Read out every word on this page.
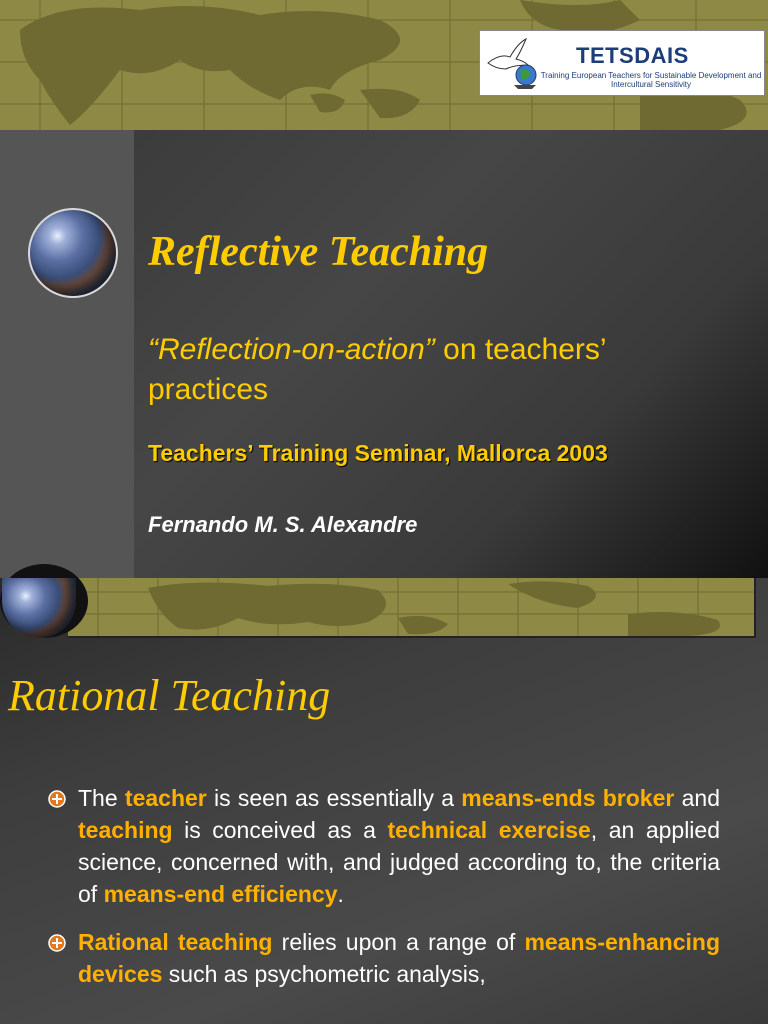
TETSDAIS
Training European Teachers for Sustainable Development and Intercultural Sensitivity
Reflective Teaching
“Reflection-on-action” on teachers’ practices
Teachers’ Training Seminar, Mallorca 2003
Fernando M. S. Alexandre
Rational Teaching
The teacher is seen as essentially a means-ends broker and teaching is conceived as a technical exercise, an applied science, concerned with, and judged according to, the criteria of means-end efficiency.
Rational teaching relies upon a range of means-enhancing devices such as psychometric analysis,
